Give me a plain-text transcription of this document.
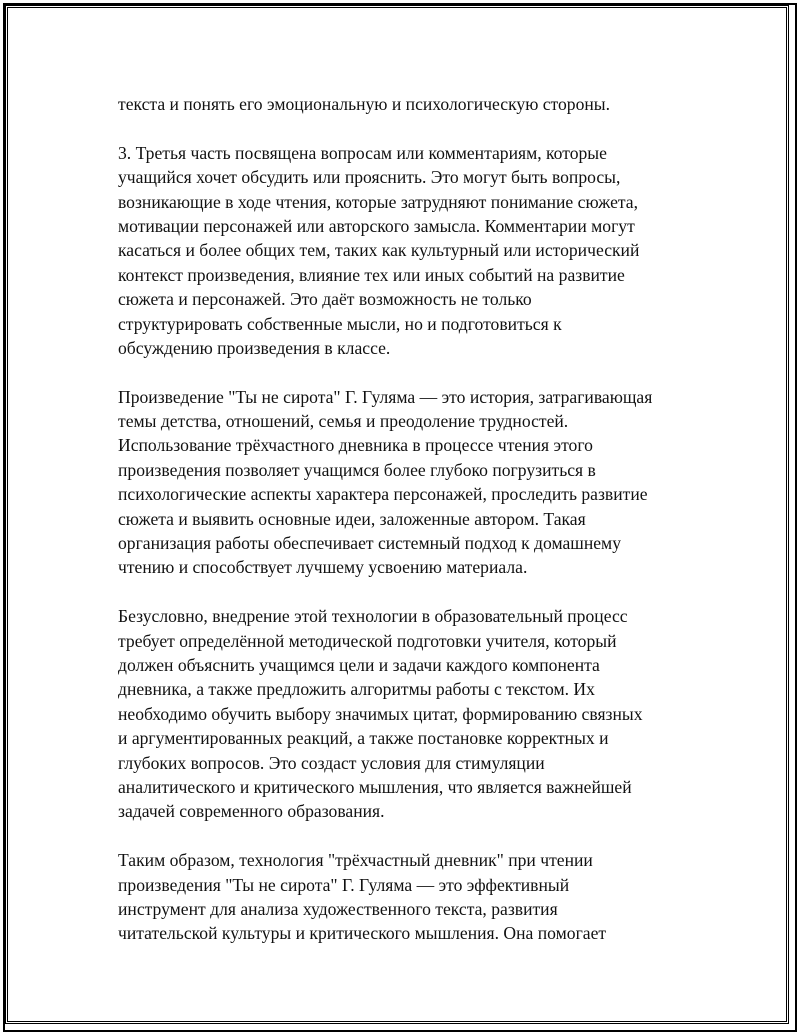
текста и понять его эмоциональную и психологическую стороны.

3. Третья часть посвящена вопросам или комментариям, которые
учащийся хочет обсудить или прояснить. Это могут быть вопросы,
возникающие в ходе чтения, которые затрудняют понимание сюжета,
мотивации персонажей или авторского замысла. Комментарии могут
касаться и более общих тем, таких как культурный или исторический
контекст произведения, влияние тех или иных событий на развитие
сюжета и персонажей. Это даёт возможность не только
структурировать собственные мысли, но и подготовиться к
обсуждению произведения в классе.

Произведение "Ты не сирота" Г. Гуляма — это история, затрагивающая
темы детства, отношений, семья и преодоление трудностей.
Использование трёхчастного дневника в процессе чтения этого
произведения позволяет учащимся более глубоко погрузиться в
психологические аспекты характера персонажей, проследить развитие
сюжета и выявить основные идеи, заложенные автором. Такая
организация работы обеспечивает системный подход к домашнему
чтению и способствует лучшему усвоению материала.

Безусловно, внедрение этой технологии в образовательный процесс
требует определённой методической подготовки учителя, который
должен объяснить учащимся цели и задачи каждого компонента
дневника, а также предложить алгоритмы работы с текстом. Их
необходимо обучить выбору значимых цитат, формированию связных
и аргументированных реакций, а также постановке корректных и
глубоких вопросов. Это создаст условия для стимуляции
аналитического и критического мышления, что является важнейшей
задачей современного образования.

Таким образом, технология "трёхчастный дневник" при чтении
произведения "Ты не сирота" Г. Гуляма — это эффективный
инструмент для анализа художественного текста, развития
читательской культуры и критического мышления. Она помогает
